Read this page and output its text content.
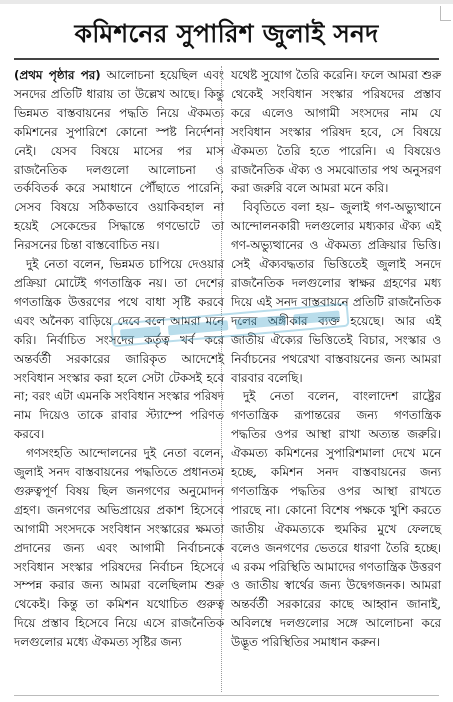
কমিশনের সুপারিশ জুলাই সনদ

(প্রথম পৃষ্ঠার পর) আলোচনা হয়েছিল এবং সনদের প্রতিটি ধারায় তা উল্লেখ আছে। কিন্তু ভিন্নমত বাস্তবায়নের পদ্ধতি নিয়ে ঐকমত্য কমিশনের সুপারিশে কোনো স্পষ্ট নির্দেশনা নেই। যেসব বিষয়ে মাসের পর মাস রাজনৈতিক দলগুলো আলোচনা ও তর্কবিতর্ক করে সমাধানে পৌঁছাতে পারেনি, সেসব বিষয়ে সঠিকভাবে ওয়াকিবহাল না হয়েই সেকেন্ডের সিদ্ধান্তে গণভোটে তা নিরসনের চিন্তা বাস্তবোচিত নয়।

দুই নেতা বলেন, ভিন্নমত চাপিয়ে দেওয়ার প্রক্রিয়া মোটেই গণতান্ত্রিক নয়। তা দেশের গণতান্ত্রিক উত্তরণের পথে বাধা সৃষ্টি করবে এবং অনৈক্য বাড়িয়ে দেবে বলে আমরা মনে করি। নির্বাচিত সংসদের কর্তৃত্ব খর্ব করে অন্তর্বর্তী সরকারের জারিকৃত আদেশেই সংবিধান সংস্কার করা হলে সেটা টেকসই হবে না; বরং এটা এমনকি সংবিধান সংস্কার পরিষদ নাম দিয়েও তাকে রাবার স্ট্যাম্পে পরিণত করবে।

গণসংহতি আন্দোলনের দুই নেতা বলেন, জুলাই সনদ বাস্তবায়নের পদ্ধতিতে প্রধানতম গুরুত্বপূর্ণ বিষয় ছিল জনগণের অনুমোদন গ্রহণ। জনগণের অভিপ্রায়ের প্রকাশ হিসেবে আগামী সংসদকে সংবিধান সংস্কারের ক্ষমতা প্রদানের জন্য এবং আগামী নির্বাচনকে সংবিধান সংস্কার পরিষদের নির্বাচন হিসেবে সম্পন্ন করার জন্য আমরা বলেছিলাম শুরু থেকেই। কিন্তু তা কমিশন যথোচিত গুরুত্ব দিয়ে প্রস্তাব হিসেবে নিয়ে এসে রাজনৈতিক দলগুলোর মধ্যে ঐকমত্য সৃষ্টির জন্য

যথেষ্ট সুযোগ তৈরি করেনি। ফলে আমরা শুরু থেকেই সংবিধান সংস্কার পরিষদের প্রস্তাব করে এলেও আগামী সংসদের নাম যে সংবিধান সংস্কার পরিষদ হবে, সে বিষয়ে ঐকমত্য তৈরি হতে পারেনি। এ বিষয়েও রাজনৈতিক ঐক্য ও সমঝোতার পথ অনুসরণ করা জরুরি বলে আমরা মনে করি।

বিবৃতিতে বলা হয়– জুলাই গণ-অভ্যুত্থানে আন্দোলনকারী দলগুলোর মধ্যকার ঐক্য এই গণ-অভ্যুত্থানের ও ঐকমত্য প্রক্রিয়ার ভিত্তি। সেই ঐক্যবদ্ধতার ভিত্তিতেই জুলাই সনদে রাজনৈতিক দলগুলোর স্বাক্ষর গ্রহণের মধ্য দিয়ে এই সনদ বাস্তবায়নে প্রতিটি রাজনৈতিক দলের অঙ্গীকার ব্যক্ত হয়েছে। আর এই জাতীয় ঐক্যের ভিত্তিতেই বিচার, সংস্কার ও নির্বাচনের পথরেখা বাস্তবায়নের জন্য আমরা বারবার বলেছি।

দুই নেতা বলেন, বাংলাদেশ রাষ্ট্রের গণতান্ত্রিক রূপান্তরের জন্য গণতান্ত্রিক পদ্ধতির ওপর আস্থা রাখা অত্যন্ত জরুরি। ঐকমত্য কমিশনের সুপারিশমালা দেখে মনে হচ্ছে, কমিশন সনদ বাস্তবায়নের জন্য গণতান্ত্রিক পদ্ধতির ওপর আস্থা রাখতে পারছে না। কোনো বিশেষ পক্ষকে খুশি করতে জাতীয় ঐকমত্যকে হুমকির মুখে ফেলছে বলেও জনগণের ভেতরে ধারণা তৈরি হচ্ছে। এ রকম পরিস্থিতি আমাদের গণতান্ত্রিক উত্তরণ ও জাতীয় স্বার্থের জন্য উদ্বেগজনক। আমরা অন্তর্বর্তী সরকারের কাছে আহ্বান জানাই, অবিলম্বে দলগুলোর সঙ্গে আলোচনা করে উদ্ভূত পরিস্থিতির সমাধান করুন।
